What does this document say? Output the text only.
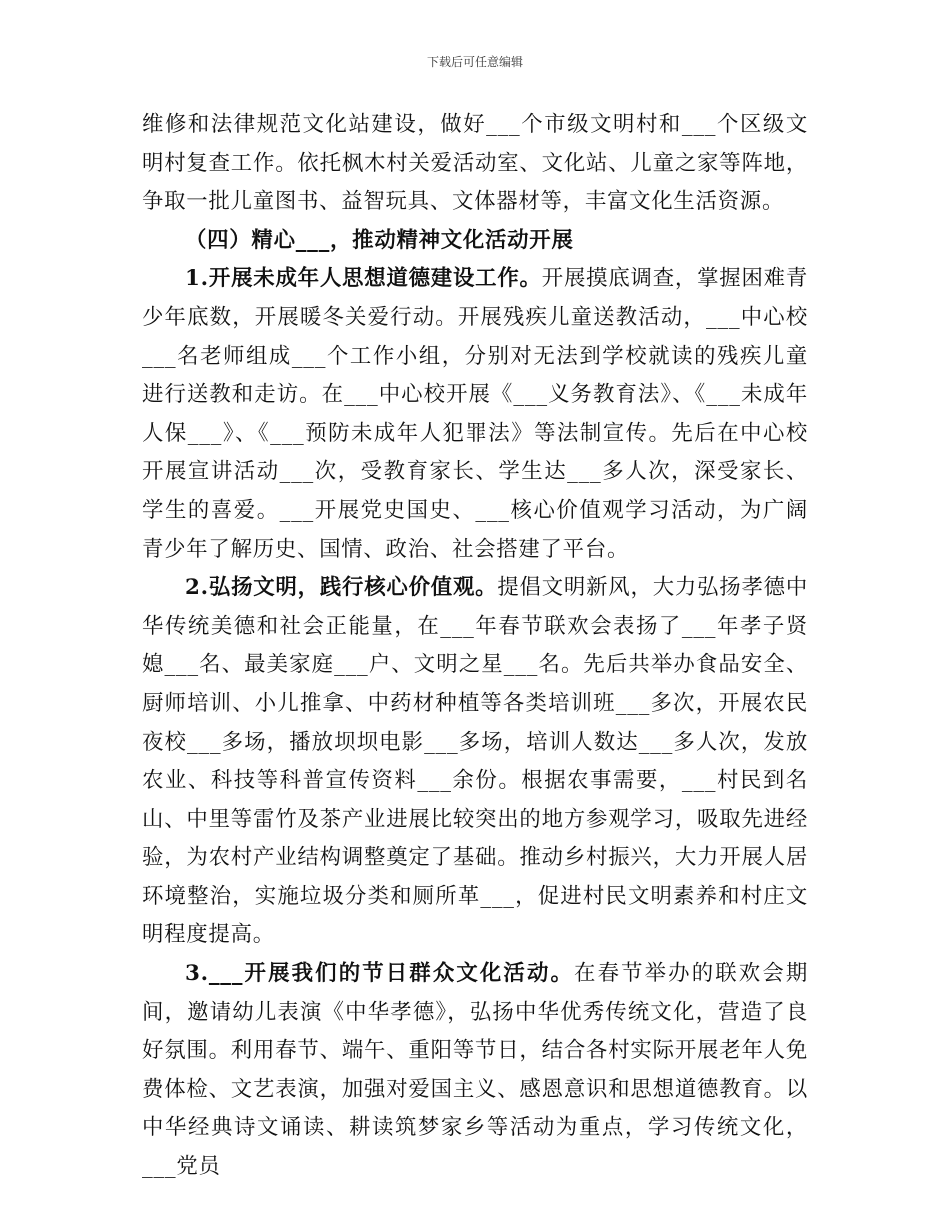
下载后可任意编辑

维修和法律规范文化站建设，做好___个市级文明村和___个区级文明村复查工作。依托枫木村关爱活动室、文化站、儿童之家等阵地，争取一批儿童图书、益智玩具、文体器材等，丰富文化生活资源。

（四）精心___，推动精神文化活动开展

1.开展未成年人思想道德建设工作。开展摸底调查，掌握困难青少年底数，开展暖冬关爱行动。开展残疾儿童送教活动，___中心校___名老师组成___个工作小组，分别对无法到学校就读的残疾儿童进行送教和走访。在___中心校开展《___义务教育法》、《___未成年人保___》、《___预防未成年人犯罪法》等法制宣传。先后在中心校开展宣讲活动___次，受教育家长、学生达___多人次，深受家长、学生的喜爱。___开展党史国史、___核心价值观学习活动，为广阔青少年了解历史、国情、政治、社会搭建了平台。

2.弘扬文明，践行核心价值观。提倡文明新风，大力弘扬孝德中华传统美德和社会正能量，在___年春节联欢会表扬了___年孝子贤媳___名、最美家庭___户、文明之星___名。先后共举办食品安全、厨师培训、小儿推拿、中药材种植等各类培训班___多次，开展农民夜校___多场，播放坝坝电影___多场，培训人数达___多人次，发放农业、科技等科普宣传资料___余份。根据农事需要，___村民到名山、中里等雷竹及茶产业进展比较突出的地方参观学习，吸取先进经验，为农村产业结构调整奠定了基础。推动乡村振兴，大力开展人居环境整治，实施垃圾分类和厕所革___，促进村民文明素养和村庄文明程度提高。

3.___开展我们的节日群众文化活动。在春节举办的联欢会期间，邀请幼儿表演《中华孝德》，弘扬中华优秀传统文化，营造了良好氛围。利用春节、端午、重阳等节日，结合各村实际开展老年人免费体检、文艺表演，加强对爱国主义、感恩意识和思想道德教育。以中华经典诗文诵读、耕读筑梦家乡等活动为重点，学习传统文化，___党员
